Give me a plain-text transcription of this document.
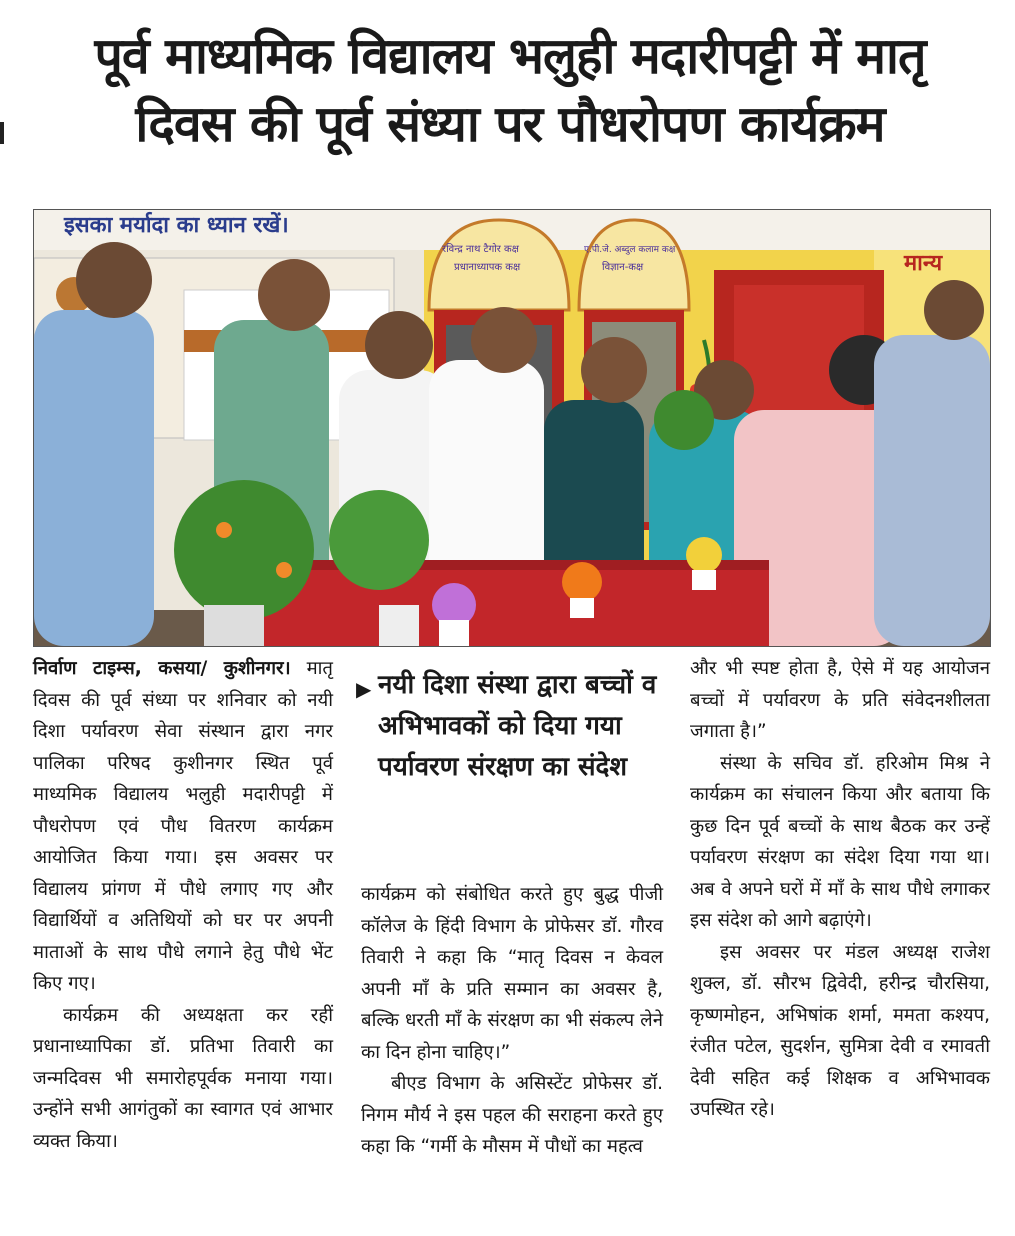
पूर्व माध्यमिक विद्यालय भलुही मदारीपट्टी में मातृ
दिवस की पूर्व संध्या पर पौधरोपण कार्यक्रम
इसका मर्यादा का ध्यान रखें।
रविन्द्र नाथ टैगोर कक्ष
प्रधानाध्यापक कक्ष
ए.पी.जे. अब्दुल कलाम कक्ष
विज्ञान-कक्ष	मान्य

निर्वाण टाइम्स, कसया/ कुशीनगर। मातृ दिवस की पूर्व संध्या पर शनिवार को नयी दिशा पर्यावरण सेवा संस्थान द्वारा नगर पालिका परिषद कुशीनगर स्थित पूर्व माध्यमिक विद्यालय भलुही मदारीपट्टी में पौधरोपण एवं पौध वितरण कार्यक्रम आयोजित किया गया। इस अवसर पर विद्यालय प्रांगण में पौधे लगाए गए और विद्यार्थियों व अतिथियों को घर पर अपनी माताओं के साथ पौधे लगाने हेतु पौधे भेंट किए गए।

कार्यक्रम की अध्यक्षता कर रहीं प्रधानाध्यापिका डॉ. प्रतिभा तिवारी का जन्मदिवस भी समारोहपूर्वक मनाया गया। उन्होंने सभी आगंतुकों का स्वागत एवं आभार व्यक्त किया।

▶ नयी दिशा संस्था द्वारा बच्चों व अभिभावकों को दिया गया पर्यावरण संरक्षण का संदेश

कार्यक्रम को संबोधित करते हुए बुद्ध पीजी कॉलेज के हिंदी विभाग के प्रोफेसर डॉ. गौरव तिवारी ने कहा कि “मातृ दिवस न केवल अपनी माँ के प्रति सम्मान का अवसर है, बल्कि धरती माँ के संरक्षण का भी संकल्प लेने का दिन होना चाहिए।”

बीएड विभाग के असिस्टेंट प्रोफेसर डॉ. निगम मौर्य ने इस पहल की सराहना करते हुए कहा कि “गर्मी के मौसम में पौधों का महत्व

और भी स्पष्ट होता है, ऐसे में यह आयोजन बच्चों में पर्यावरण के प्रति संवेदनशीलता जगाता है।”

संस्था के सचिव डॉ. हरिओम मिश्र ने कार्यक्रम का संचालन किया और बताया कि कुछ दिन पूर्व बच्चों के साथ बैठक कर उन्हें पर्यावरण संरक्षण का संदेश दिया गया था। अब वे अपने घरों में माँ के साथ पौधे लगाकर इस संदेश को आगे बढ़ाएंगे।

इस अवसर पर मंडल अध्यक्ष राजेश शुक्ल, डॉ. सौरभ द्विवेदी, हरीन्द्र चौरसिया, कृष्णमोहन, अभिषांक शर्मा, ममता कश्यप, रंजीत पटेल, सुदर्शन, सुमित्रा देवी व रमावती देवी सहित कई शिक्षक व अभिभावक उपस्थित रहे।
